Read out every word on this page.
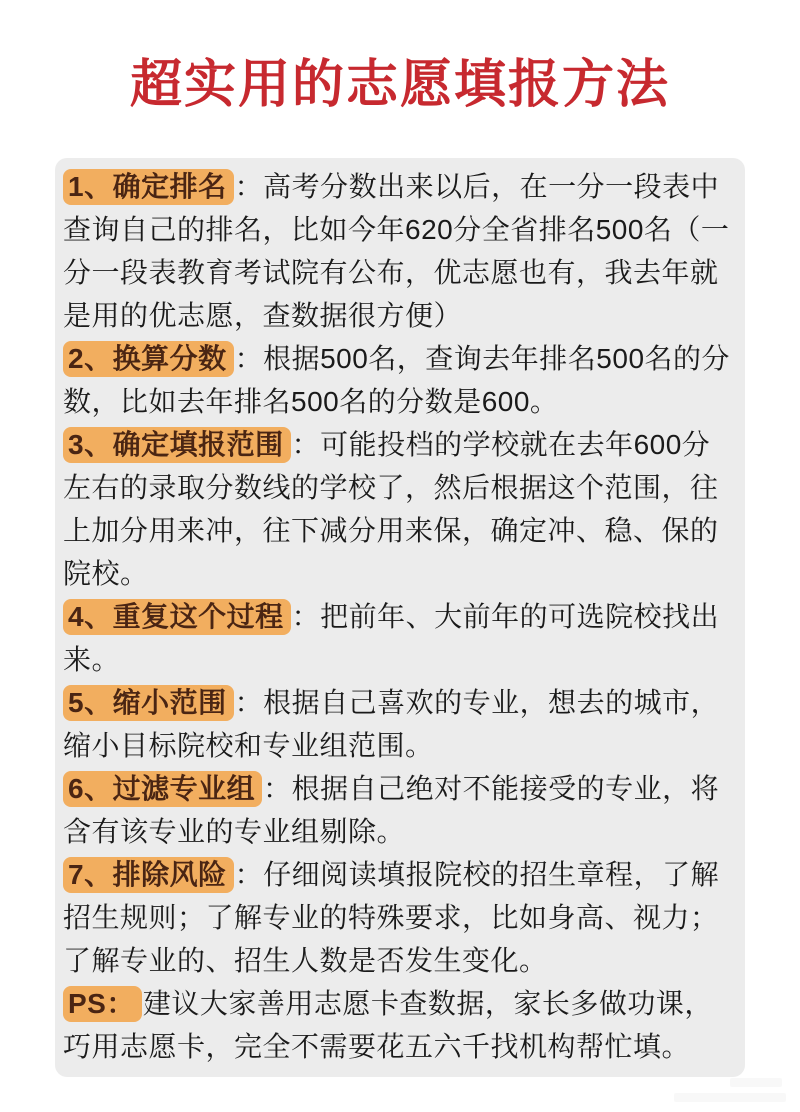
超实用的志愿填报方法

1、确定排名 ：高考分数出来以后，在一分一段表中查询自己的排名，比如今年620分全省排名500名（一分一段表教育考试院有公布，优志愿也有，我去年就是用的优志愿，查数据很方便）

2、换算分数 ：根据500名，查询去年排名500名的分数，比如去年排名500名的分数是600。

3、确定填报范围 ：可能投档的学校就在去年600分左右的录取分数线的学校了，然后根据这个范围，往上加分用来冲，往下减分用来保，确定冲、稳、保的院校。

4、重复这个过程 ：把前年、大前年的可选院校找出来。

5、缩小范围 ：根据自己喜欢的专业，想去的城市，缩小目标院校和专业组范围。

6、过滤专业组 ：根据自己绝对不能接受的专业，将含有该专业的专业组剔除。

7、排除风险 ：仔细阅读填报院校的招生章程，了解招生规则；了解专业的特殊要求，比如身高、视力；了解专业的、招生人数是否发生变化。

PS： 建议大家善用志愿卡查数据，家长多做功课，巧用志愿卡，完全不需要花五六千找机构帮忙填。
